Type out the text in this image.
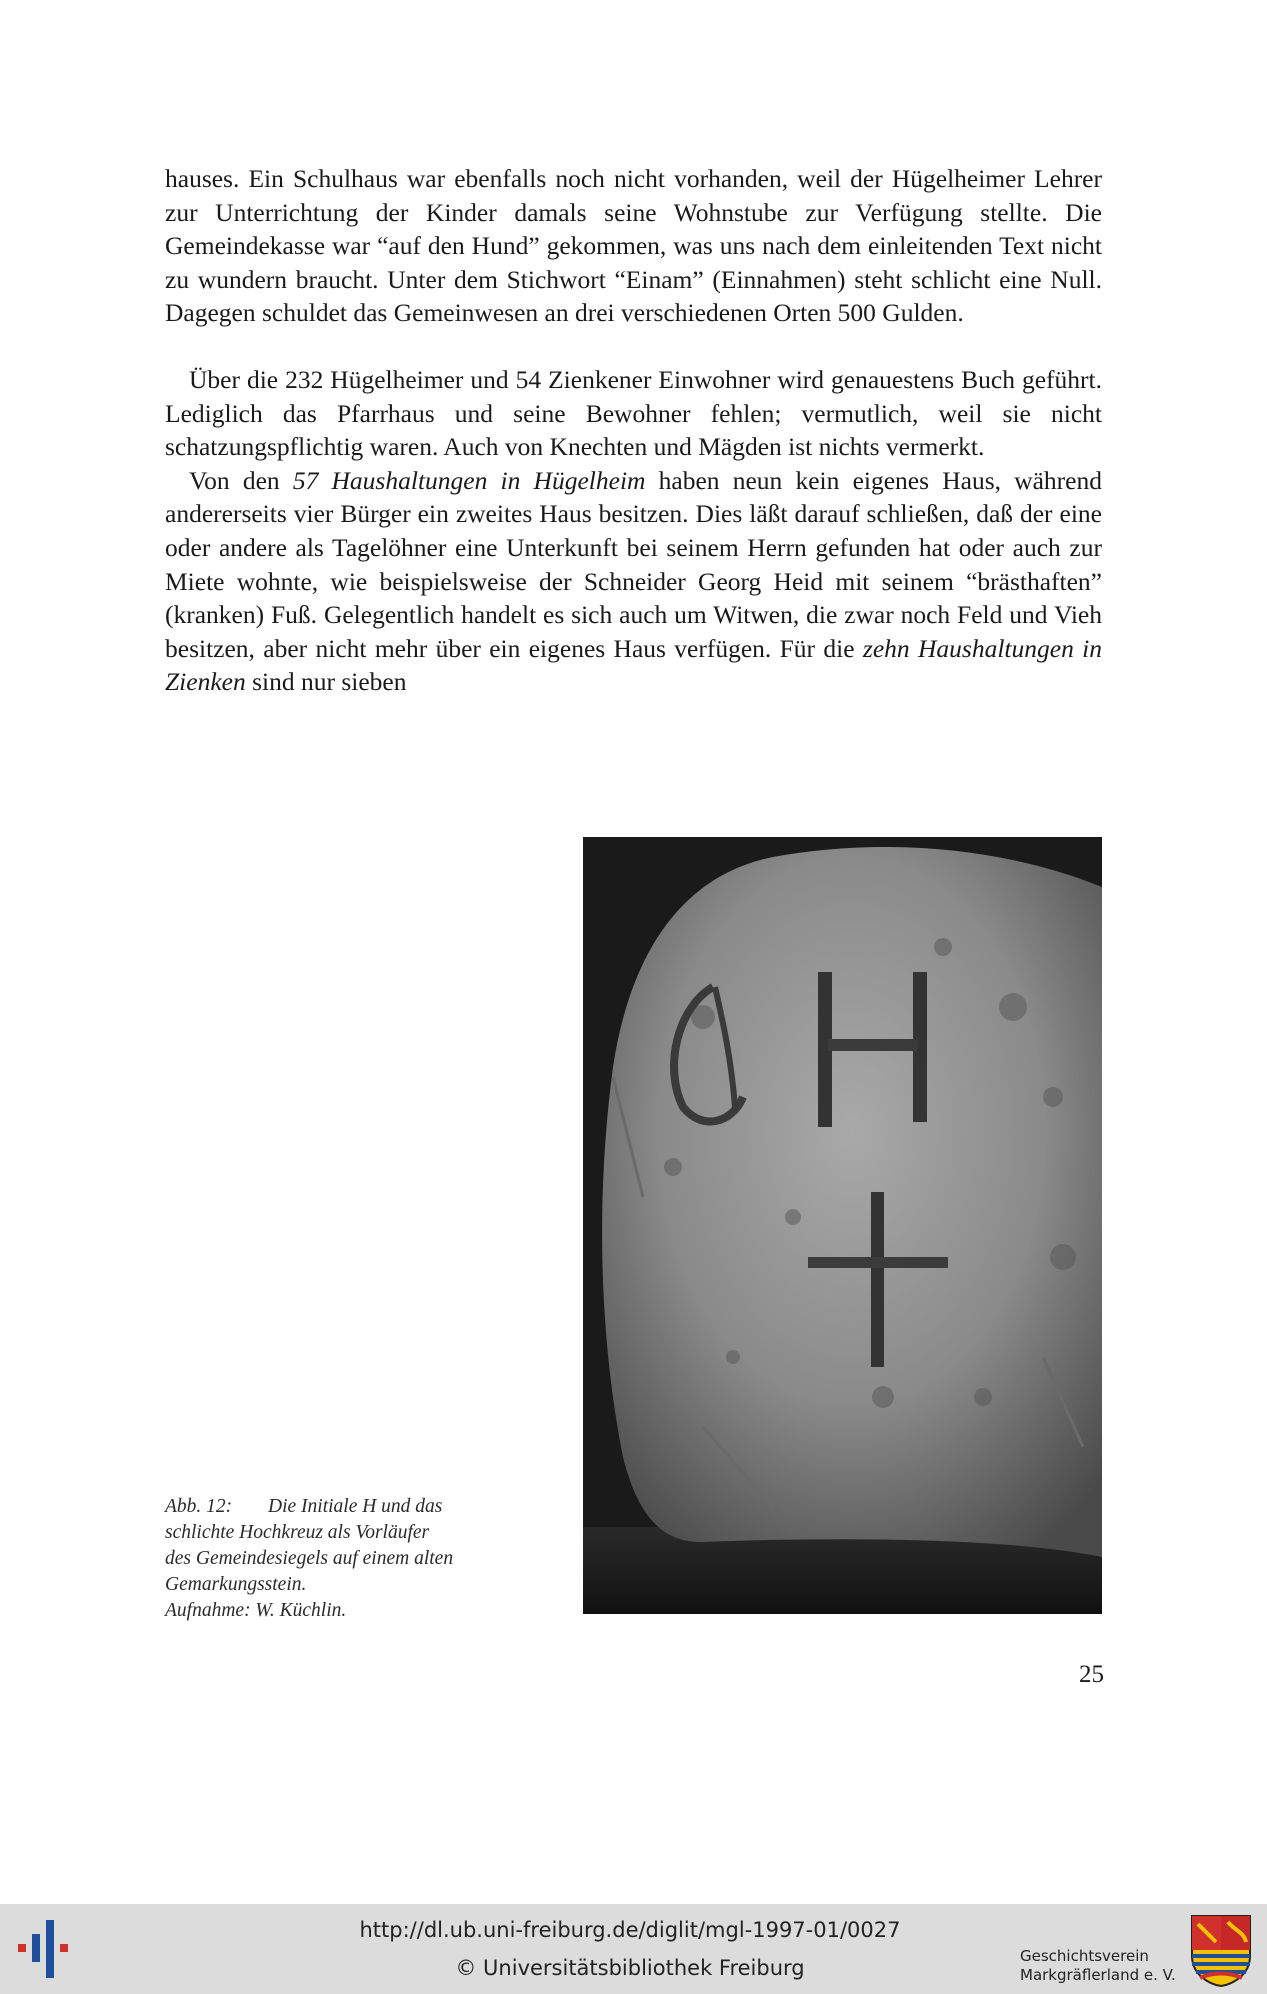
hauses. Ein Schulhaus war ebenfalls noch nicht vorhanden, weil der Hügelheimer Lehrer zur Unterrichtung der Kinder damals seine Wohnstube zur Verfügung stellte. Die Gemeindekasse war “auf den Hund” gekommen, was uns nach dem einleitenden Text nicht zu wundern braucht. Unter dem Stichwort “Einam” (Einnahmen) steht schlicht eine Null. Dagegen schuldet das Gemeinwesen an drei verschiedenen Orten 500 Gulden.

Über die 232 Hügelheimer und 54 Zienkener Einwohner wird genauestens Buch geführt. Lediglich das Pfarrhaus und seine Bewohner fehlen; vermutlich, weil sie nicht schatzungspflichtig waren. Auch von Knechten und Mägden ist nichts vermerkt.

Von den 57 Haushaltungen in Hügelheim haben neun kein eigenes Haus, während andererseits vier Bürger ein zweites Haus besitzen. Dies läßt darauf schließen, daß der eine oder andere als Tagelöhner eine Unterkunft bei seinem Herrn gefunden hat oder auch zur Miete wohnte, wie beispielsweise der Schneider Georg Heid mit seinem “brästhaften” (kranken) Fuß. Gelegentlich handelt es sich auch um Witwen, die zwar noch Feld und Vieh besitzen, aber nicht mehr über ein eigenes Haus verfügen. Für die zehn Haushaltungen in Zienken sind nur sieben

Abb. 12: Die Initiale H und das
schlichte Hochkreuz als Vorläufer
des Gemeindesiegels auf einem alten
Gemarkungsstein.
Aufnahme: W. Küchlin.
25
http://dl.ub.uni-freiburg.de/diglit/mgl-1997-01/0027
© Universitätsbibliothek Freiburg	Geschichtsverein
Markgräflerland e. V.
